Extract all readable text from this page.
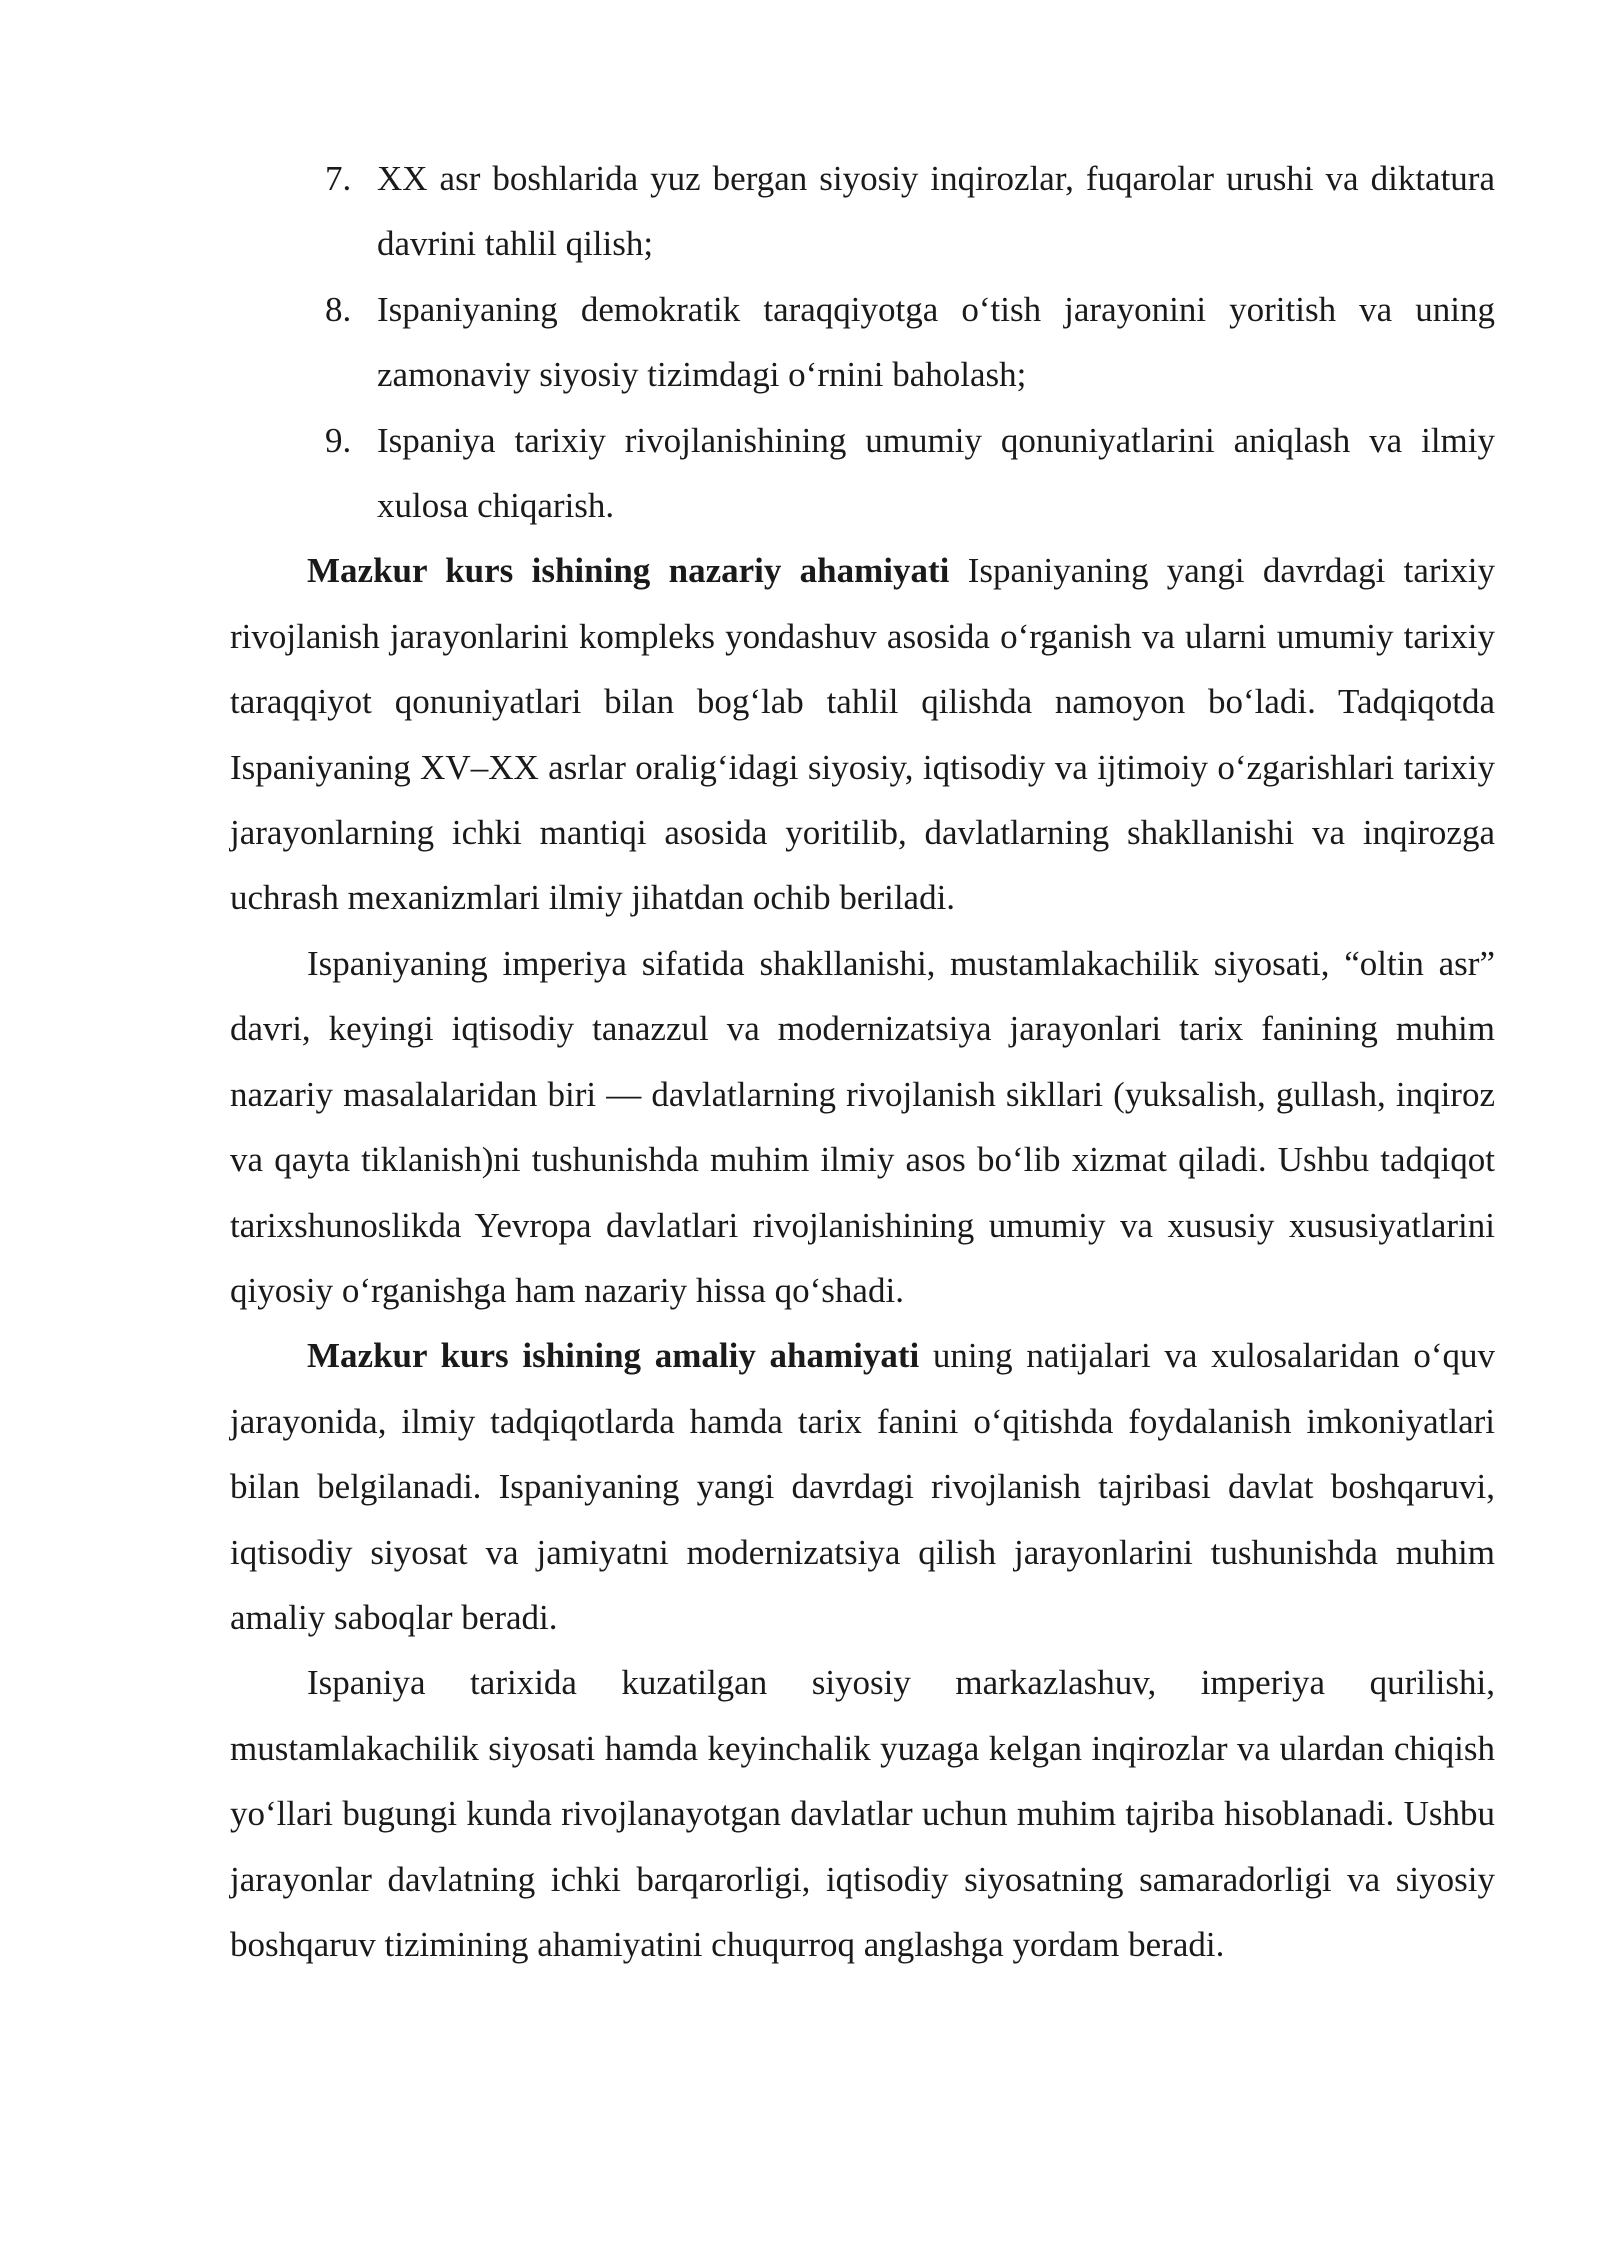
7. XX asr boshlarida yuz bergan siyosiy inqirozlar, fuqarolar urushi va diktatura davrini tahlil qilish;
8. Ispaniyaning demokratik taraqqiyotga o‘tish jarayonini yoritish va uning zamonaviy siyosiy tizimdagi o‘rnini baholash;
9. Ispaniya tarixiy rivojlanishining umumiy qonuniyatlarini aniqlash va ilmiy xulosa chiqarish.

Mazkur kurs ishining nazariy ahamiyati Ispaniyaning yangi davrdagi tarixiy rivojlanish jarayonlarini kompleks yondashuv asosida o‘rganish va ularni umumiy tarixiy taraqqiyot qonuniyatlari bilan bog‘lab tahlil qilishda namoyon bo‘ladi. Tadqiqotda Ispaniyaning XV–XX asrlar oralig‘idagi siyosiy, iqtisodiy va ijtimoiy o‘zgarishlari tarixiy jarayonlarning ichki mantiqi asosida yoritilib, davlatlarning shakllanishi va inqirozga uchrash mexanizmlari ilmiy jihatdan ochib beriladi.

Ispaniyaning imperiya sifatida shakllanishi, mustamlakachilik siyosati, “oltin asr” davri, keyingi iqtisodiy tanazzul va modernizatsiya jarayonlari tarix fanining muhim nazariy masalalaridan biri — davlatlarning rivojlanish sikllari (yuksalish, gullash, inqiroz va qayta tiklanish)ni tushunishda muhim ilmiy asos bo‘lib xizmat qiladi. Ushbu tadqiqot tarixshunoslikda Yevropa davlatlari rivojlanishining umumiy va xususiy xususiyatlarini qiyosiy o‘rganishga ham nazariy hissa qo‘shadi.

Mazkur kurs ishining amaliy ahamiyati uning natijalari va xulosalaridan o‘quv jarayonida, ilmiy tadqiqotlarda hamda tarix fanini o‘qitishda foydalanish imkoniyatlari bilan belgilanadi. Ispaniyaning yangi davrdagi rivojlanish tajribasi davlat boshqaruvi, iqtisodiy siyosat va jamiyatni modernizatsiya qilish jarayonlarini tushunishda muhim amaliy saboqlar beradi.

Ispaniya tarixida kuzatilgan siyosiy markazlashuv, imperiya qurilishi, mustamlakachilik siyosati hamda keyinchalik yuzaga kelgan inqirozlar va ulardan chiqish yo‘llari bugungi kunda rivojlanayotgan davlatlar uchun muhim tajriba hisoblanadi. Ushbu jarayonlar davlatning ichki barqarorligi, iqtisodiy siyosatning samaradorligi va siyosiy boshqaruv tizimining ahamiyatini chuqurroq anglashga yordam beradi.
